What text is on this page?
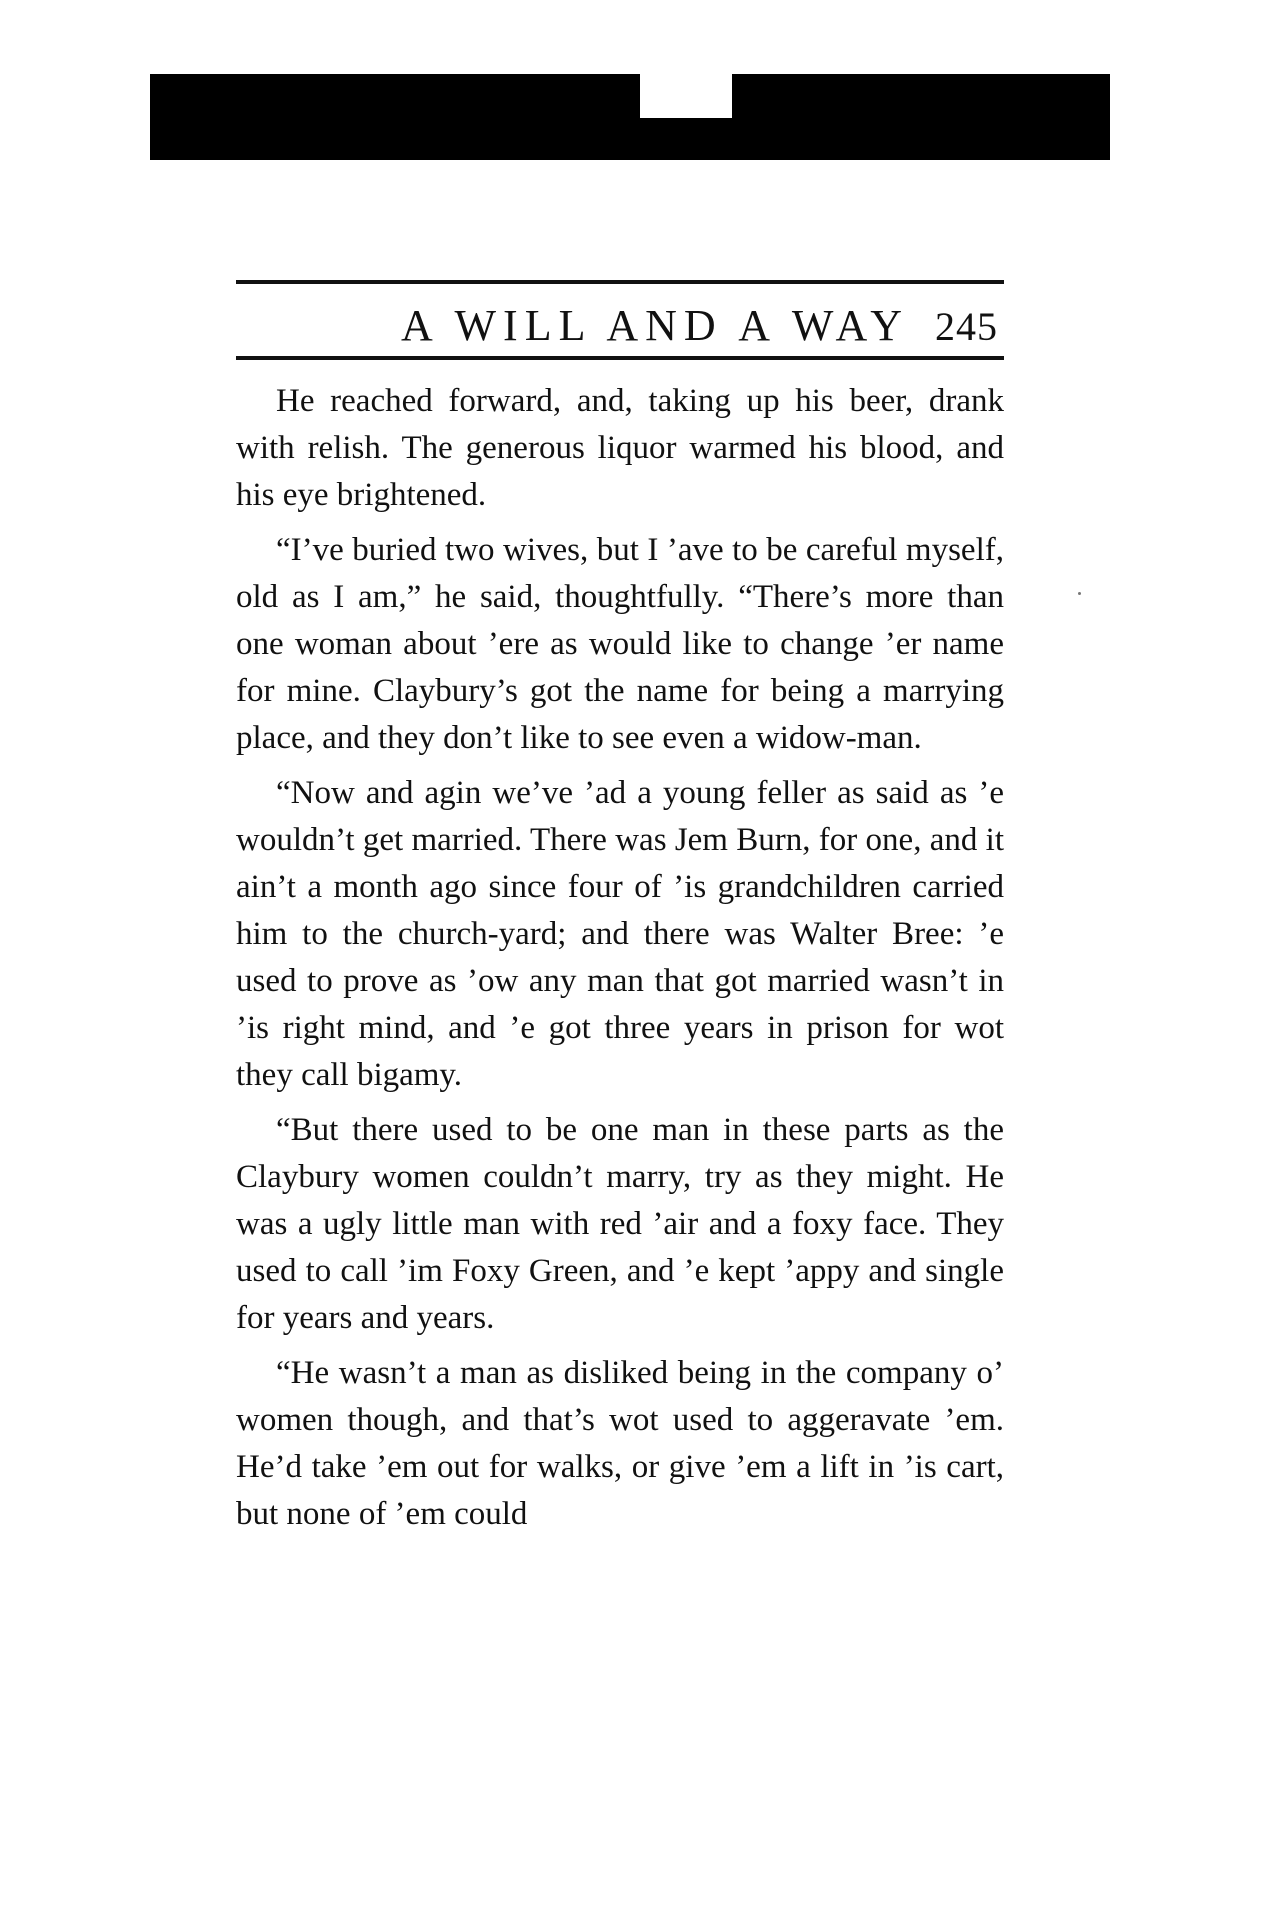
A WILL AND A WAY 245

He reached forward, and, taking up his beer, drank with relish. The generous liquor warmed his blood, and his eye brightened.

“I’ve buried two wives, but I ’ave to be careful myself, old as I am,” he said, thoughtfully. “There’s more than one woman about ’ere as would like to change ’er name for mine. Claybury’s got the name for being a marrying place, and they don’t like to see even a widow-man.

“Now and agin we’ve ’ad a young feller as said as ’e wouldn’t get married. There was Jem Burn, for one, and it ain’t a month ago since four of ’is grandchildren carried him to the church-yard; and there was Walter Bree: ’e used to prove as ’ow any man that got married wasn’t in ’is right mind, and ’e got three years in prison for wot they call bigamy.

“But there used to be one man in these parts as the Claybury women couldn’t marry, try as they might. He was a ugly little man with red ’air and a foxy face. They used to call ’im Foxy Green, and ’e kept ’appy and single for years and years.

“He wasn’t a man as disliked being in the company o’ women though, and that’s wot used to aggeravate ’em. He’d take ’em out for walks, or give ’em a lift in ’is cart, but none of ’em could
